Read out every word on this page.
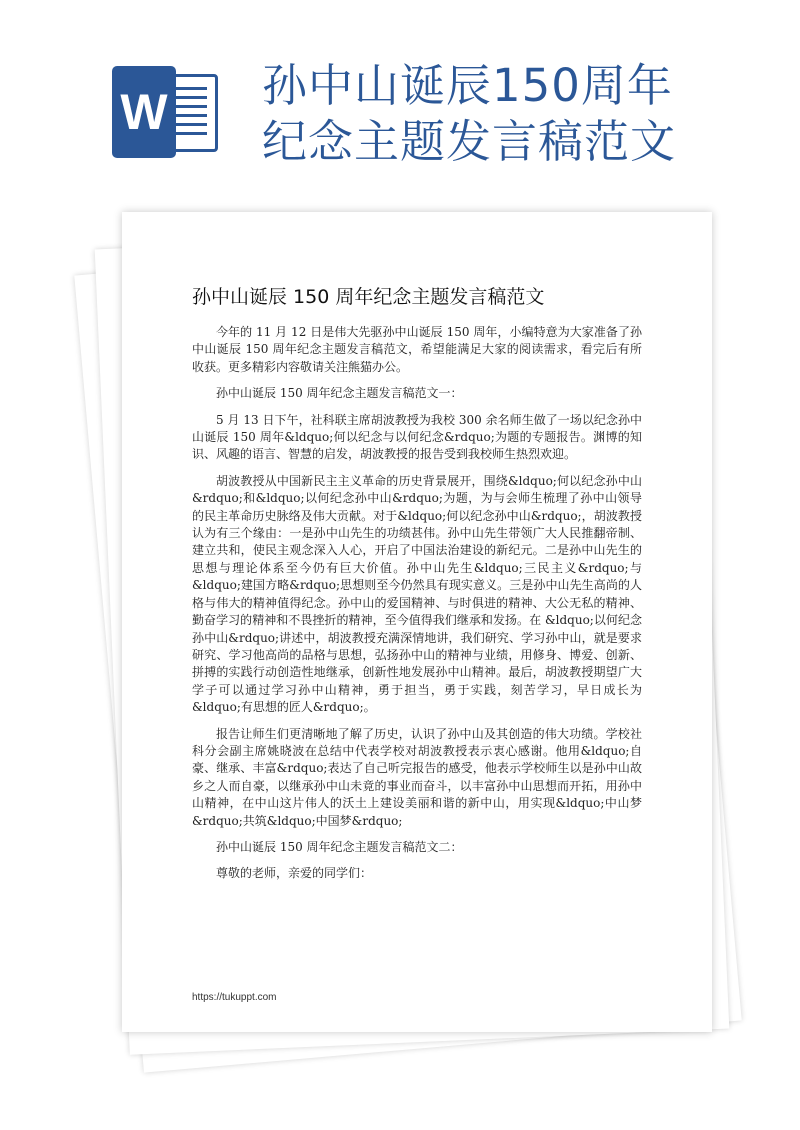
W 孙中山诞辰150周年
纪念主题发言稿范文
孙中山诞辰 150 周年纪念主题发言稿范文

今年的 11 月 12 日是伟大先驱孙中山诞辰 150 周年，小编特意为大家准备了孙中山诞辰 150 周年纪念主题发言稿范文，希望能满足大家的阅读需求，看完后有所收获。更多精彩内容敬请关注熊猫办公。

孙中山诞辰 150 周年纪念主题发言稿范文一：

5 月 13 日下午，社科联主席胡波教授为我校 300 余名师生做了一场以纪念孙中山诞辰 150 周年&ldquo;何以纪念与以何纪念&rdquo;为题的专题报告。渊博的知识、风趣的语言、智慧的启发，胡波教授的报告受到我校师生热烈欢迎。

胡波教授从中国新民主主义革命的历史背景展开，围绕&ldquo;何以纪念孙中山&rdquo;和&ldquo;以何纪念孙中山&rdquo;为题，为与会师生梳理了孙中山领导的民主革命历史脉络及伟大贡献。对于&ldquo;何以纪念孙中山&rdquo;，胡波教授认为有三个缘由：一是孙中山先生的功绩甚伟。孙中山先生带领广大人民推翻帝制、建立共和，使民主观念深入人心，开启了中国法治建设的新纪元。二是孙中山先生的思想与理论体系至今仍有巨大价值。孙中山先生&ldquo;三民主义&rdquo;与&ldquo;建国方略&rdquo;思想则至今仍然具有现实意义。三是孙中山先生高尚的人格与伟大的精神值得纪念。孙中山的爱国精神、与时俱进的精神、大公无私的精神、勤奋学习的精神和不畏挫折的精神，至今值得我们继承和发扬。在 &ldquo;以何纪念孙中山&rdquo;讲述中，胡波教授充满深情地讲，我们研究、学习孙中山，就是要求研究、学习他高尚的品格与思想，弘扬孙中山的精神与业绩，用修身、博爱、创新、拼搏的实践行动创造性地继承，创新性地发展孙中山精神。最后，胡波教授期望广大学子可以通过学习孙中山精神，勇于担当，勇于实践，刻苦学习，早日成长为&ldquo;有思想的匠人&rdquo;。

报告让师生们更清晰地了解了历史，认识了孙中山及其创造的伟大功绩。学校社科分会副主席姚晓波在总结中代表学校对胡波教授表示衷心感谢。他用&ldquo;自豪、继承、丰富&rdquo;表达了自己听完报告的感受，他表示学校师生以是孙中山故乡之人而自豪，以继承孙中山未竟的事业而奋斗，以丰富孙中山思想而开拓，用孙中山精神，在中山这片伟人的沃土上建设美丽和谐的新中山，用实现&ldquo;中山梦&rdquo;共筑&ldquo;中国梦&rdquo;

孙中山诞辰 150 周年纪念主题发言稿范文二：

尊敬的老师，亲爱的同学们：

https://tukuppt.com
